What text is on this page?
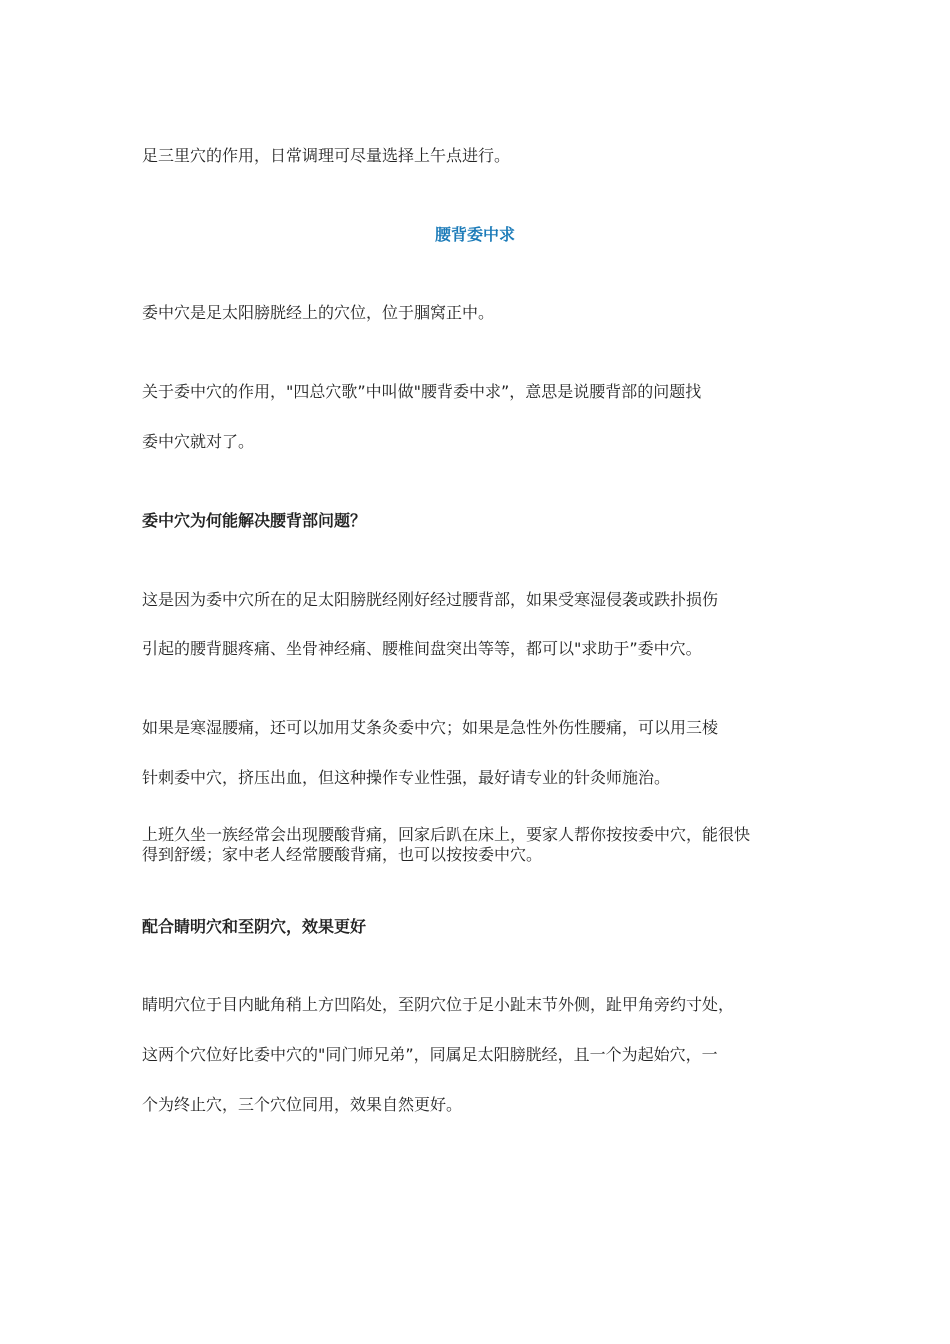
足三里穴的作用，日常调理可尽量选择上午点进行。
腰背委中求
委中穴是足太阳膀胱经上的穴位，位于腘窝正中。
关于委中穴的作用，"四总穴歌”中叫做"腰背委中求”，意思是说腰背部的问题找
委中穴就对了。
委中穴为何能解决腰背部问题？
这是因为委中穴所在的足太阳膀胱经刚好经过腰背部，如果受寒湿侵袭或跌扑损伤
引起的腰背腿疼痛、坐骨神经痛、腰椎间盘突出等等，都可以"求助于”委中穴。
如果是寒湿腰痛，还可以加用艾条灸委中穴；如果是急性外伤性腰痛，可以用三棱
针刺委中穴，挤压出血，但这种操作专业性强，最好请专业的针灸师施治。
上班久坐一族经常会出现腰酸背痛，回家后趴在床上，要家人帮你按按委中穴，能很快
得到舒缓；家中老人经常腰酸背痛，也可以按按委中穴。
配合睛明穴和至阴穴，效果更好
睛明穴位于目内眦角稍上方凹陷处，至阴穴位于足小趾末节外侧，趾甲角旁约寸处，
这两个穴位好比委中穴的"同门师兄弟”，同属足太阳膀胱经，且一个为起始穴，一
个为终止穴，三个穴位同用，效果自然更好。
